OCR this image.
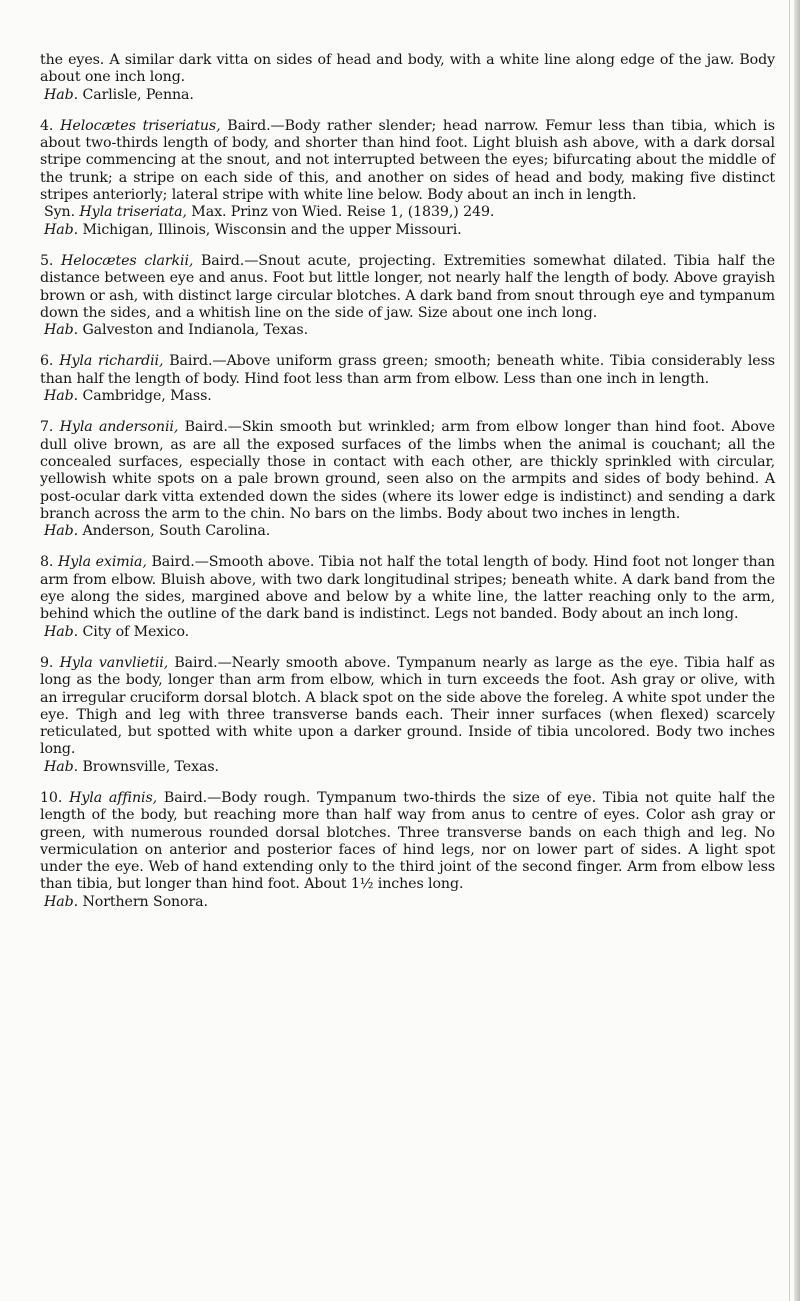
the eyes. A similar dark vitta on sides of head and body, with a white line along edge of the jaw. Body about one inch long.

Hab. Carlisle, Penna.

4. Helocætes triseriatus, Baird.—Body rather slender; head narrow. Femur less than tibia, which is about two-thirds length of body, and shorter than hind foot. Light bluish ash above, with a dark dorsal stripe commencing at the snout, and not interrupted between the eyes; bifurcating about the middle of the trunk; a stripe on each side of this, and another on sides of head and body, making five distinct stripes anteriorly; lateral stripe with white line below. Body about an inch in length.

Syn. Hyla triseriata, Max. Prinz von Wied. Reise 1, (1839,) 249.
Hab. Michigan, Illinois, Wisconsin and the upper Missouri.

5. Helocætes clarkii, Baird.—Snout acute, projecting. Extremities somewhat dilated. Tibia half the distance between eye and anus. Foot but little longer, not nearly half the length of body. Above grayish brown or ash, with distinct large circular blotches. A dark band from snout through eye and tympanum down the sides, and a whitish line on the side of jaw. Size about one inch long.

Hab. Galveston and Indianola, Texas.

6. Hyla richardii, Baird.—Above uniform grass green; smooth; beneath white. Tibia considerably less than half the length of body. Hind foot less than arm from elbow. Less than one inch in length.

Hab. Cambridge, Mass.

7. Hyla andersonii, Baird.—Skin smooth but wrinkled; arm from elbow longer than hind foot. Above dull olive brown, as are all the exposed surfaces of the limbs when the animal is couchant; all the concealed surfaces, especially those in contact with each other, are thickly sprinkled with circular, yellowish white spots on a pale brown ground, seen also on the armpits and sides of body behind. A post-ocular dark vitta extended down the sides (where its lower edge is indistinct) and sending a dark branch across the arm to the chin. No bars on the limbs. Body about two inches in length.

Hab. Anderson, South Carolina.

8. Hyla eximia, Baird.—Smooth above. Tibia not half the total length of body. Hind foot not longer than arm from elbow. Bluish above, with two dark longitudinal stripes; beneath white. A dark band from the eye along the sides, margined above and below by a white line, the latter reaching only to the arm, behind which the outline of the dark band is indistinct. Legs not banded. Body about an inch long.

Hab. City of Mexico.

9. Hyla vanvlietii, Baird.—Nearly smooth above. Tympanum nearly as large as the eye. Tibia half as long as the body, longer than arm from elbow, which in turn exceeds the foot. Ash gray or olive, with an irregular cruciform dorsal blotch. A black spot on the side above the foreleg. A white spot under the eye. Thigh and leg with three transverse bands each. Their inner surfaces (when flexed) scarcely reticulated, but spotted with white upon a darker ground. Inside of tibia uncolored. Body two inches long.

Hab. Brownsville, Texas.

10. Hyla affinis, Baird.—Body rough. Tympanum two-thirds the size of eye. Tibia not quite half the length of the body, but reaching more than half way from anus to centre of eyes. Color ash gray or green, with numerous rounded dorsal blotches. Three transverse bands on each thigh and leg. No vermiculation on anterior and posterior faces of hind legs, nor on lower part of sides. A light spot under the eye. Web of hand extending only to the third joint of the second finger. Arm from elbow less than tibia, but longer than hind foot. About 1½ inches long.

Hab. Northern Sonora.
